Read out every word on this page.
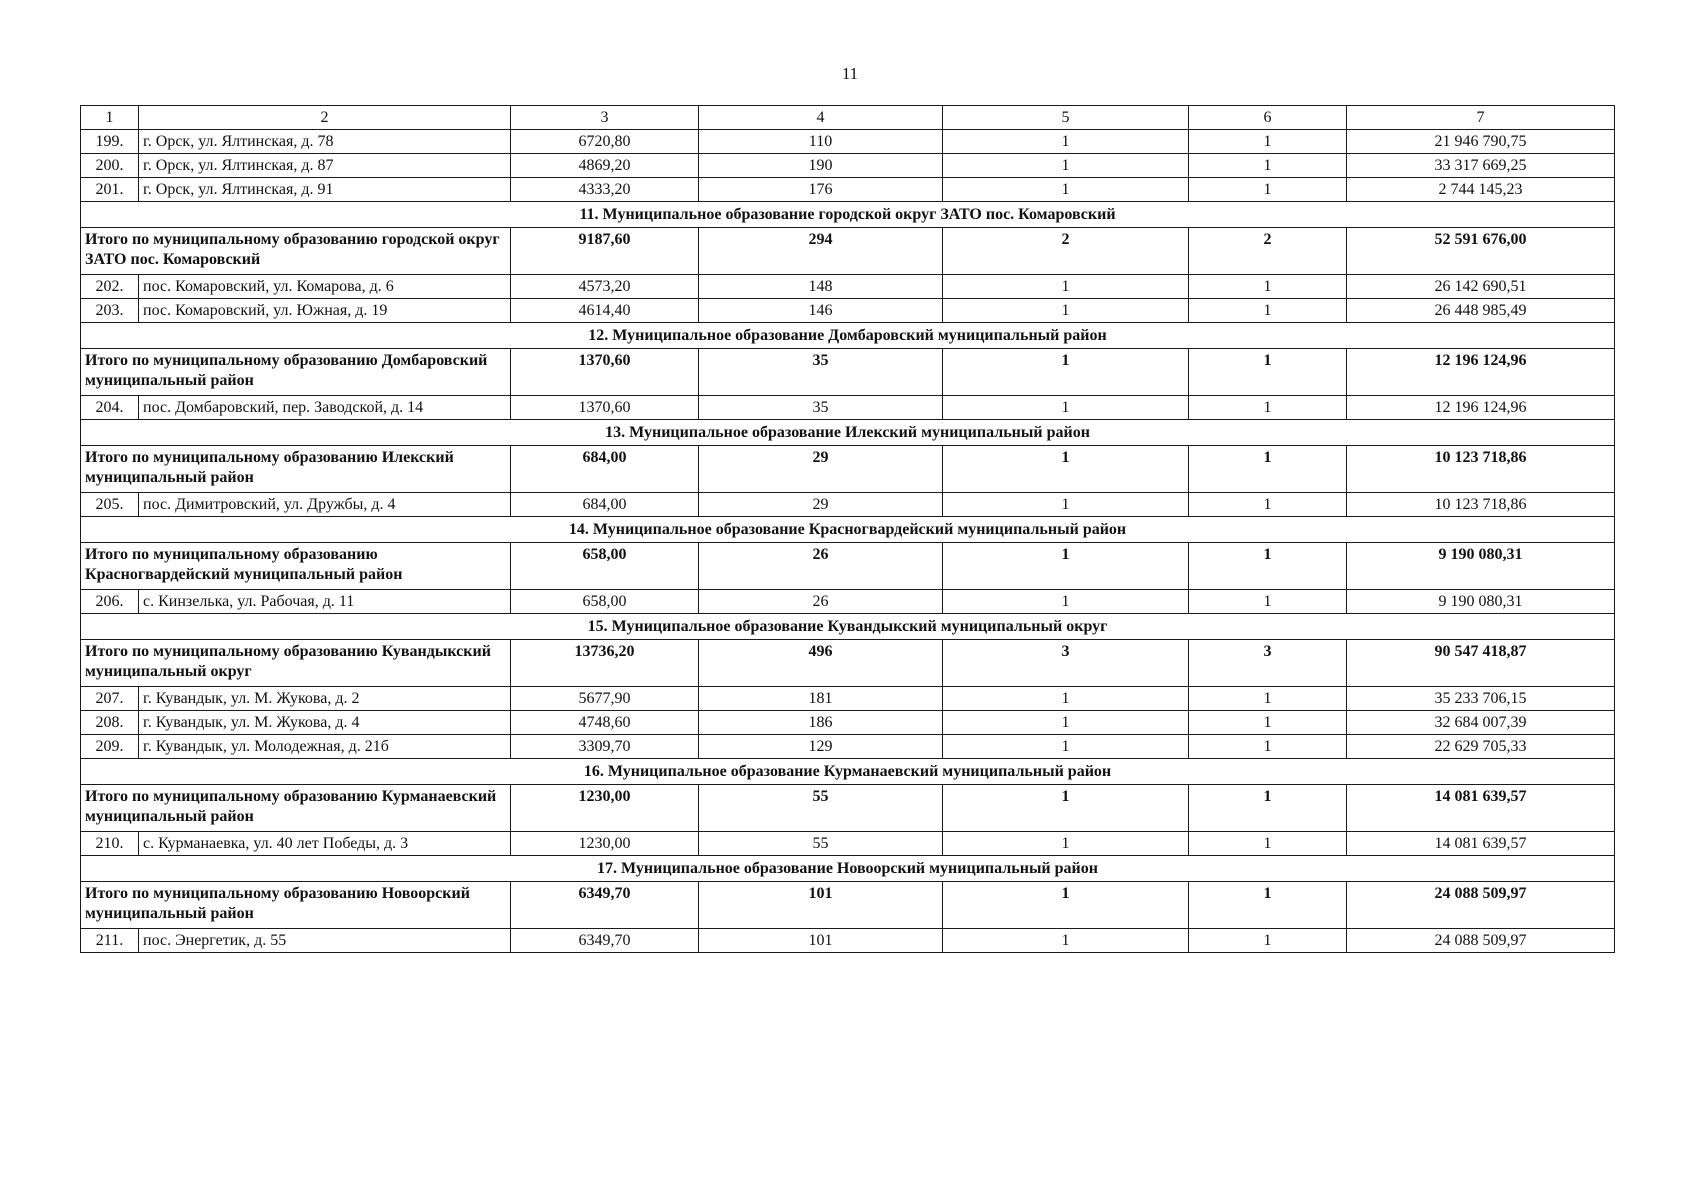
11
1	2	3	4	5	6	7
199.	г. Орск, ул. Ялтинская, д. 78	6720,80	110	1	1	21 946 790,75
200.	г. Орск, ул. Ялтинская, д. 87	4869,20	190	1	1	33 317 669,25
201.	г. Орск, ул. Ялтинская, д. 91	4333,20	176	1	1	2 744 145,23
11. Муниципальное образование городской округ ЗАТО пос. Комаровский						
Итого по муниципальному образованию городской округ ЗАТО пос. Комаровский		9187,60	294	2	2	52 591 676,00
202.	пос. Комаровский, ул. Комарова, д. 6	4573,20	148	1	1	26 142 690,51
203.	пос. Комаровский, ул. Южная, д. 19	4614,40	146	1	1	26 448 985,49
12. Муниципальное образование Домбаровский муниципальный район						
Итого по муниципальному образованию Домбаровский муниципальный район		1370,60	35	1	1	12 196 124,96
204.	пос. Домбаровский, пер. Заводской, д. 14	1370,60	35	1	1	12 196 124,96
13. Муниципальное образование Илекский муниципальный район						
Итого по муниципальному образованию Илекский муниципальный район		684,00	29	1	1	10 123 718,86
205.	пос. Димитровский, ул. Дружбы, д. 4	684,00	29	1	1	10 123 718,86
14. Муниципальное образование Красногвардейский муниципальный район						
Итого по муниципальному образованию Красногвардейский муниципальный район		658,00	26	1	1	9 190 080,31
206.	с. Кинзелька, ул. Рабочая, д. 11	658,00	26	1	1	9 190 080,31
15. Муниципальное образование Кувандыкский муниципальный округ						
Итого по муниципальному образованию Кувандыкский муниципальный округ		13736,20	496	3	3	90 547 418,87
207.	г. Кувандык, ул. М. Жукова, д. 2	5677,90	181	1	1	35 233 706,15
208.	г. Кувандык, ул. М. Жукова, д. 4	4748,60	186	1	1	32 684 007,39
209.	г. Кувандык, ул. Молодежная, д. 21б	3309,70	129	1	1	22 629 705,33
16. Муниципальное образование Курманаевский муниципальный район						
Итого по муниципальному образованию Курманаевский муниципальный район		1230,00	55	1	1	14 081 639,57
210.	с. Курманаевка, ул. 40 лет Победы, д. 3	1230,00	55	1	1	14 081 639,57
17. Муниципальное образование Новоорский муниципальный район						
Итого по муниципальному образованию Новоорский муниципальный район		6349,70	101	1	1	24 088 509,97
211.	пос. Энергетик, д. 55	6349,70	101	1	1	24 088 509,97
